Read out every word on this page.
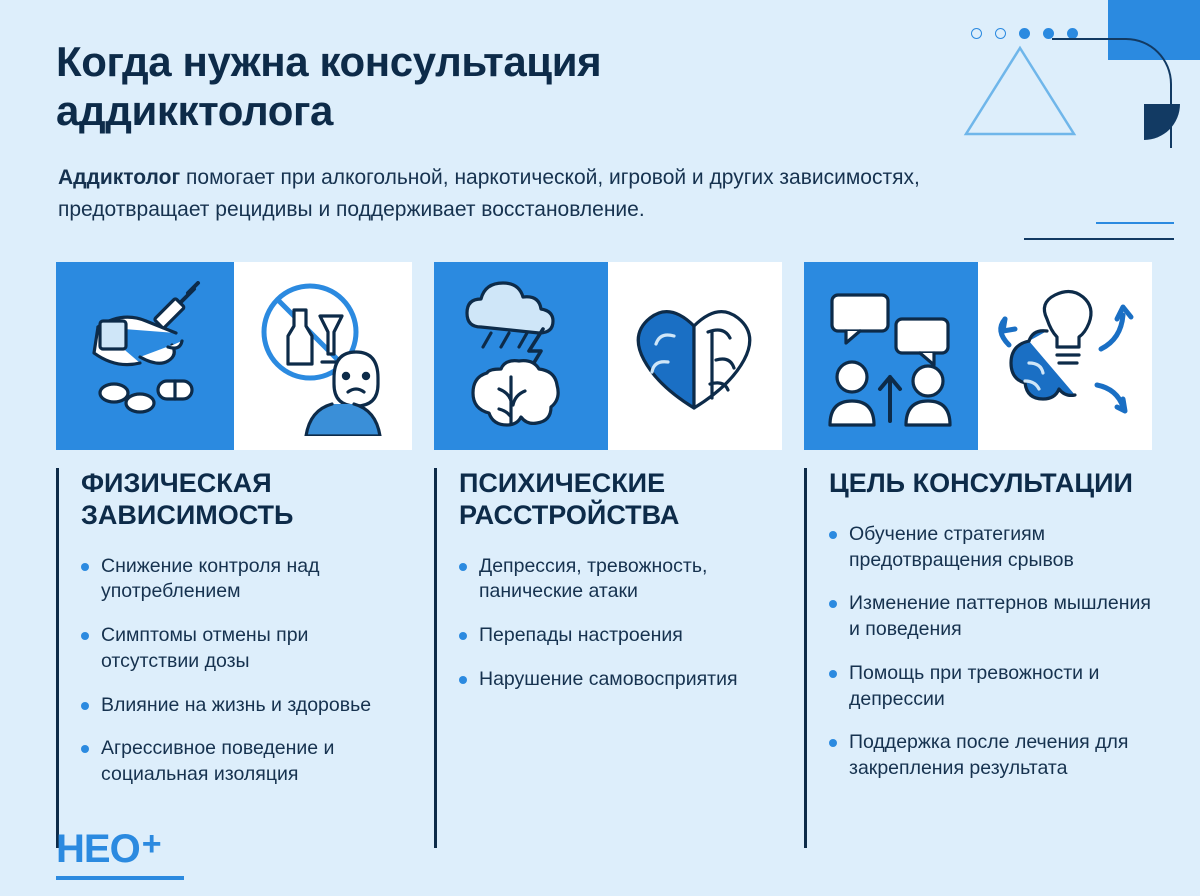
Когда нужна консультация аддикктолога
Аддиктолог помогает при алкогольной, наркотической, игровой и других зависимостях, предотвращает рецидивы и поддерживает восстановление.
ФИЗИЧЕСКАЯ ЗАВИСИМОСТЬ
Снижение контроля над употреблением
Симптомы отмены при отсутствии дозы
Влияние на жизнь и здоровье
Агрессивное поведение и социальная изоляция
ПСИХИЧЕСКИЕ РАССТРОЙСТВА
Депрессия, тревожность, панические атаки
Перепады настроения
Нарушение самовосприятия
ЦЕЛЬ КОНСУЛЬТАЦИИ
Обучение стратегиям предотвращения срывов
Изменение паттернов мышления и поведения
Помощь при тревожности и депрессии
Поддержка после лечения для закрепления результата
НЕО +
